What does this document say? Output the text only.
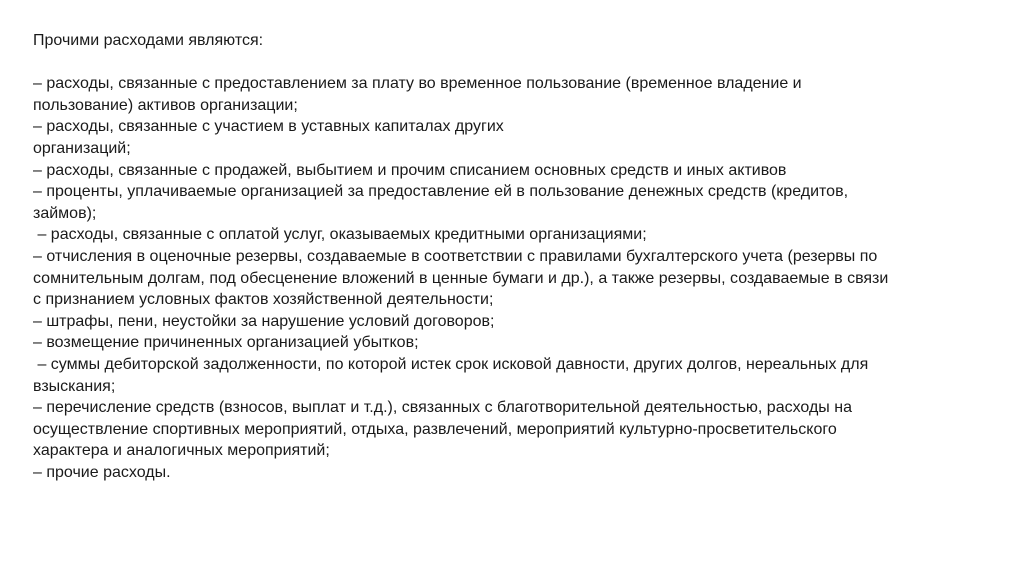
Прочими расходами являются:
– расходы, связанные с предоставлением за плату во временное пользование (временное владение и
пользование) активов организации;
– расходы, связанные с участием в уставных капиталах других
организаций;
– расходы, связанные с продажей, выбытием и прочим списанием основных средств и иных активов
– проценты, уплачиваемые организацией за предоставление ей в пользование денежных средств (кредитов,
займов);
– расходы, связанные с оплатой услуг, оказываемых кредитными организациями;
– отчисления в оценочные резервы, создаваемые в соответствии с правилами бухгалтерского учета (резервы по
сомнительным долгам, под обесценение вложений в ценные бумаги и др.), а также резервы, создаваемые в связи
с признанием условных фактов хозяйственной деятельности;
– штрафы, пени, неустойки за нарушение условий договоров;
– возмещение причиненных организацией убытков;
– суммы дебиторской задолженности, по которой истек срок исковой давности, других долгов, нереальных для
взыскания;
– перечисление средств (взносов, выплат и т.д.), связанных с благотворительной деятельностью, расходы на
осуществление спортивных мероприятий, отдыха, развлечений, мероприятий культурно-просветительского
характера и аналогичных мероприятий;
– прочие расходы.
